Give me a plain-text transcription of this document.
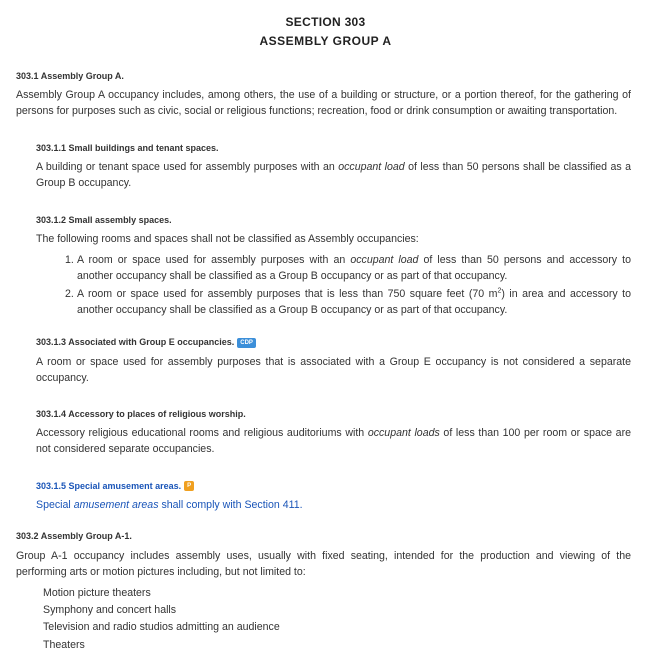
SECTION 303
ASSEMBLY GROUP A
303.1 Assembly Group A.
Assembly Group A occupancy includes, among others, the use of a building or structure, or a portion thereof, for the gathering of
persons for purposes such as civic, social or religious functions; recreation, food or drink consumption or awaiting transportation.
303.1.1 Small buildings and tenant spaces.
A building or tenant space used for assembly purposes with an occupant load of less than 50 persons shall be classified as a
Group B occupancy.
303.1.2 Small assembly spaces.
The following rooms and spaces shall not be classified as Assembly occupancies:
1. A room or space used for assembly purposes with an occupant load of less than 50 persons and accessory to
another occupancy shall be classified as a Group B occupancy or as part of that occupancy.
2. A room or space used for assembly purposes that is less than 750 square feet (70 $m^2$) in area and accessory to
another occupancy shall be classified as a Group B occupancy or as part of that occupancy.
303.1.3 Associated with Group E occupancies. CDP
A room or space used for assembly purposes that is associated with a Group E occupancy is not considered a separate
occupancy.
303.1.4 Accessory to places of religious worship.
Accessory religious educational rooms and religious auditoriums with occupant loads of less than 100 per room or space are
not considered separate occupancies.
303.1.5 Special amusement areas.	P
Special amusement areas shall comply with Section 411.
303.2 Assembly Group A-1.
Group A-1 occupancy includes assembly uses, usually with fixed seating, intended for the production and viewing of the
performing arts or motion pictures including, but not limited to:
Motion picture theaters
Symphony and concert halls
Television and radio studios admitting an audience
Theaters
